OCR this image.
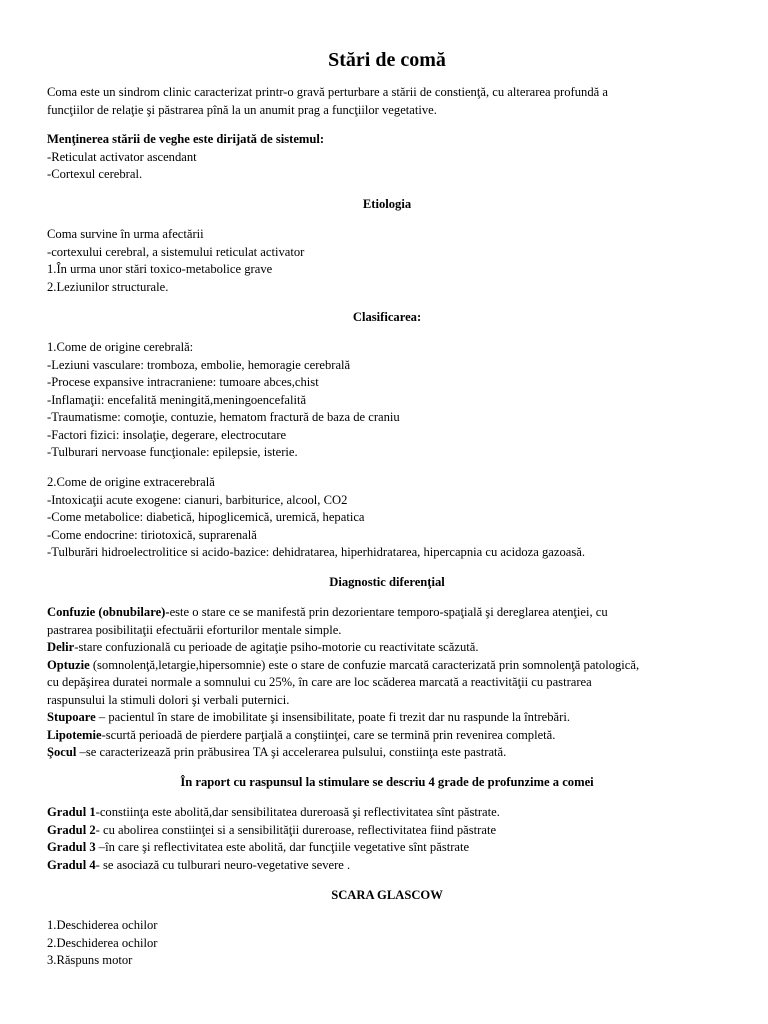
Stări de comă
Coma este un sindrom clinic caracterizat printr-o gravă perturbare a stării de constienţă, cu alterarea profundă a
funcţiilor de relaţie şi păstrarea pînă la un anumit prag a funcţiilor vegetative.
Menţinerea stării de veghe este dirijată de sistemul:
-Reticulat activator ascendant
-Cortexul cerebral.
Etiologia
Coma survine în urma afectării
-cortexului cerebral, a sistemului reticulat activator
1.În urma unor stări toxico-metabolice grave
2.Leziunilor structurale.
Clasificarea:
1.Come de origine cerebrală:
-Leziuni vasculare: tromboza, embolie, hemoragie cerebrală
-Procese expansive intracraniene: tumoare abces,chist
-Inflamaţii: encefalită meningită,meningoencefalită
-Traumatisme: comoţie, contuzie, hematom fractură de baza de craniu
-Factori fizici: insolaţie, degerare, electrocutare
-Tulburari nervoase funcţionale: epilepsie, isterie.
2.Come de origine extracerebrală
-Intoxicaţii acute exogene: cianuri, barbiturice, alcool, CO2
-Come metabolice: diabetică, hipoglicemică, uremică, hepatica
-Come endocrine: tiriotoxică, suprarenală
-Tulburări hidroelectrolitice si acido-bazice: dehidratarea, hiperhidratarea, hipercapnia cu acidoza gazoasă.
Diagnostic diferenţial
Confuzie (obnubilare)-este o stare ce se manifestă prin dezorientare temporo-spaţială şi dereglarea atenţiei, cu
pastrarea posibilitaţii efectuării eforturilor mentale simple.
Delir-stare confuzională cu perioade de agitaţie psiho-motorie cu reactivitate scăzută.
Optuzie (somnolenţă,letargie,hipersomnie) este o stare de confuzie marcată caracterizată prin somnolenţă patologică,
cu depăşirea duratei normale a somnului cu 25%, în care are loc scăderea marcată a reactivităţii cu pastrarea
raspunsului la stimuli dolori şi verbali puternici.
Stupoare – pacientul în stare de imobilitate şi insensibilitate, poate fi trezit dar nu raspunde la întrebări.
Lipotemie-scurtă perioadă de pierdere parţială a conştiinţei, care se termină prin revenirea completă.
Şocul –se caracterizează prin prăbusirea TA şi accelerarea pulsului, constiinţa este pastrată.
În raport cu raspunsul la stimulare se descriu 4 grade de profunzime a comei
Gradul 1-constiinţa este abolită,dar sensibilitatea dureroasă şi reflectivitatea sînt păstrate.
Gradul 2- cu abolirea constiinţei si a sensibilităţii dureroase, reflectivitatea fiind păstrate
Gradul 3 –în care şi reflectivitatea este abolită, dar funcţiile vegetative sînt păstrate
Gradul 4- se asociază cu tulburari neuro-vegetative severe .
SCARA GLASCOW
1.Deschiderea ochilor
2.Deschiderea ochilor
3.Răspuns motor
